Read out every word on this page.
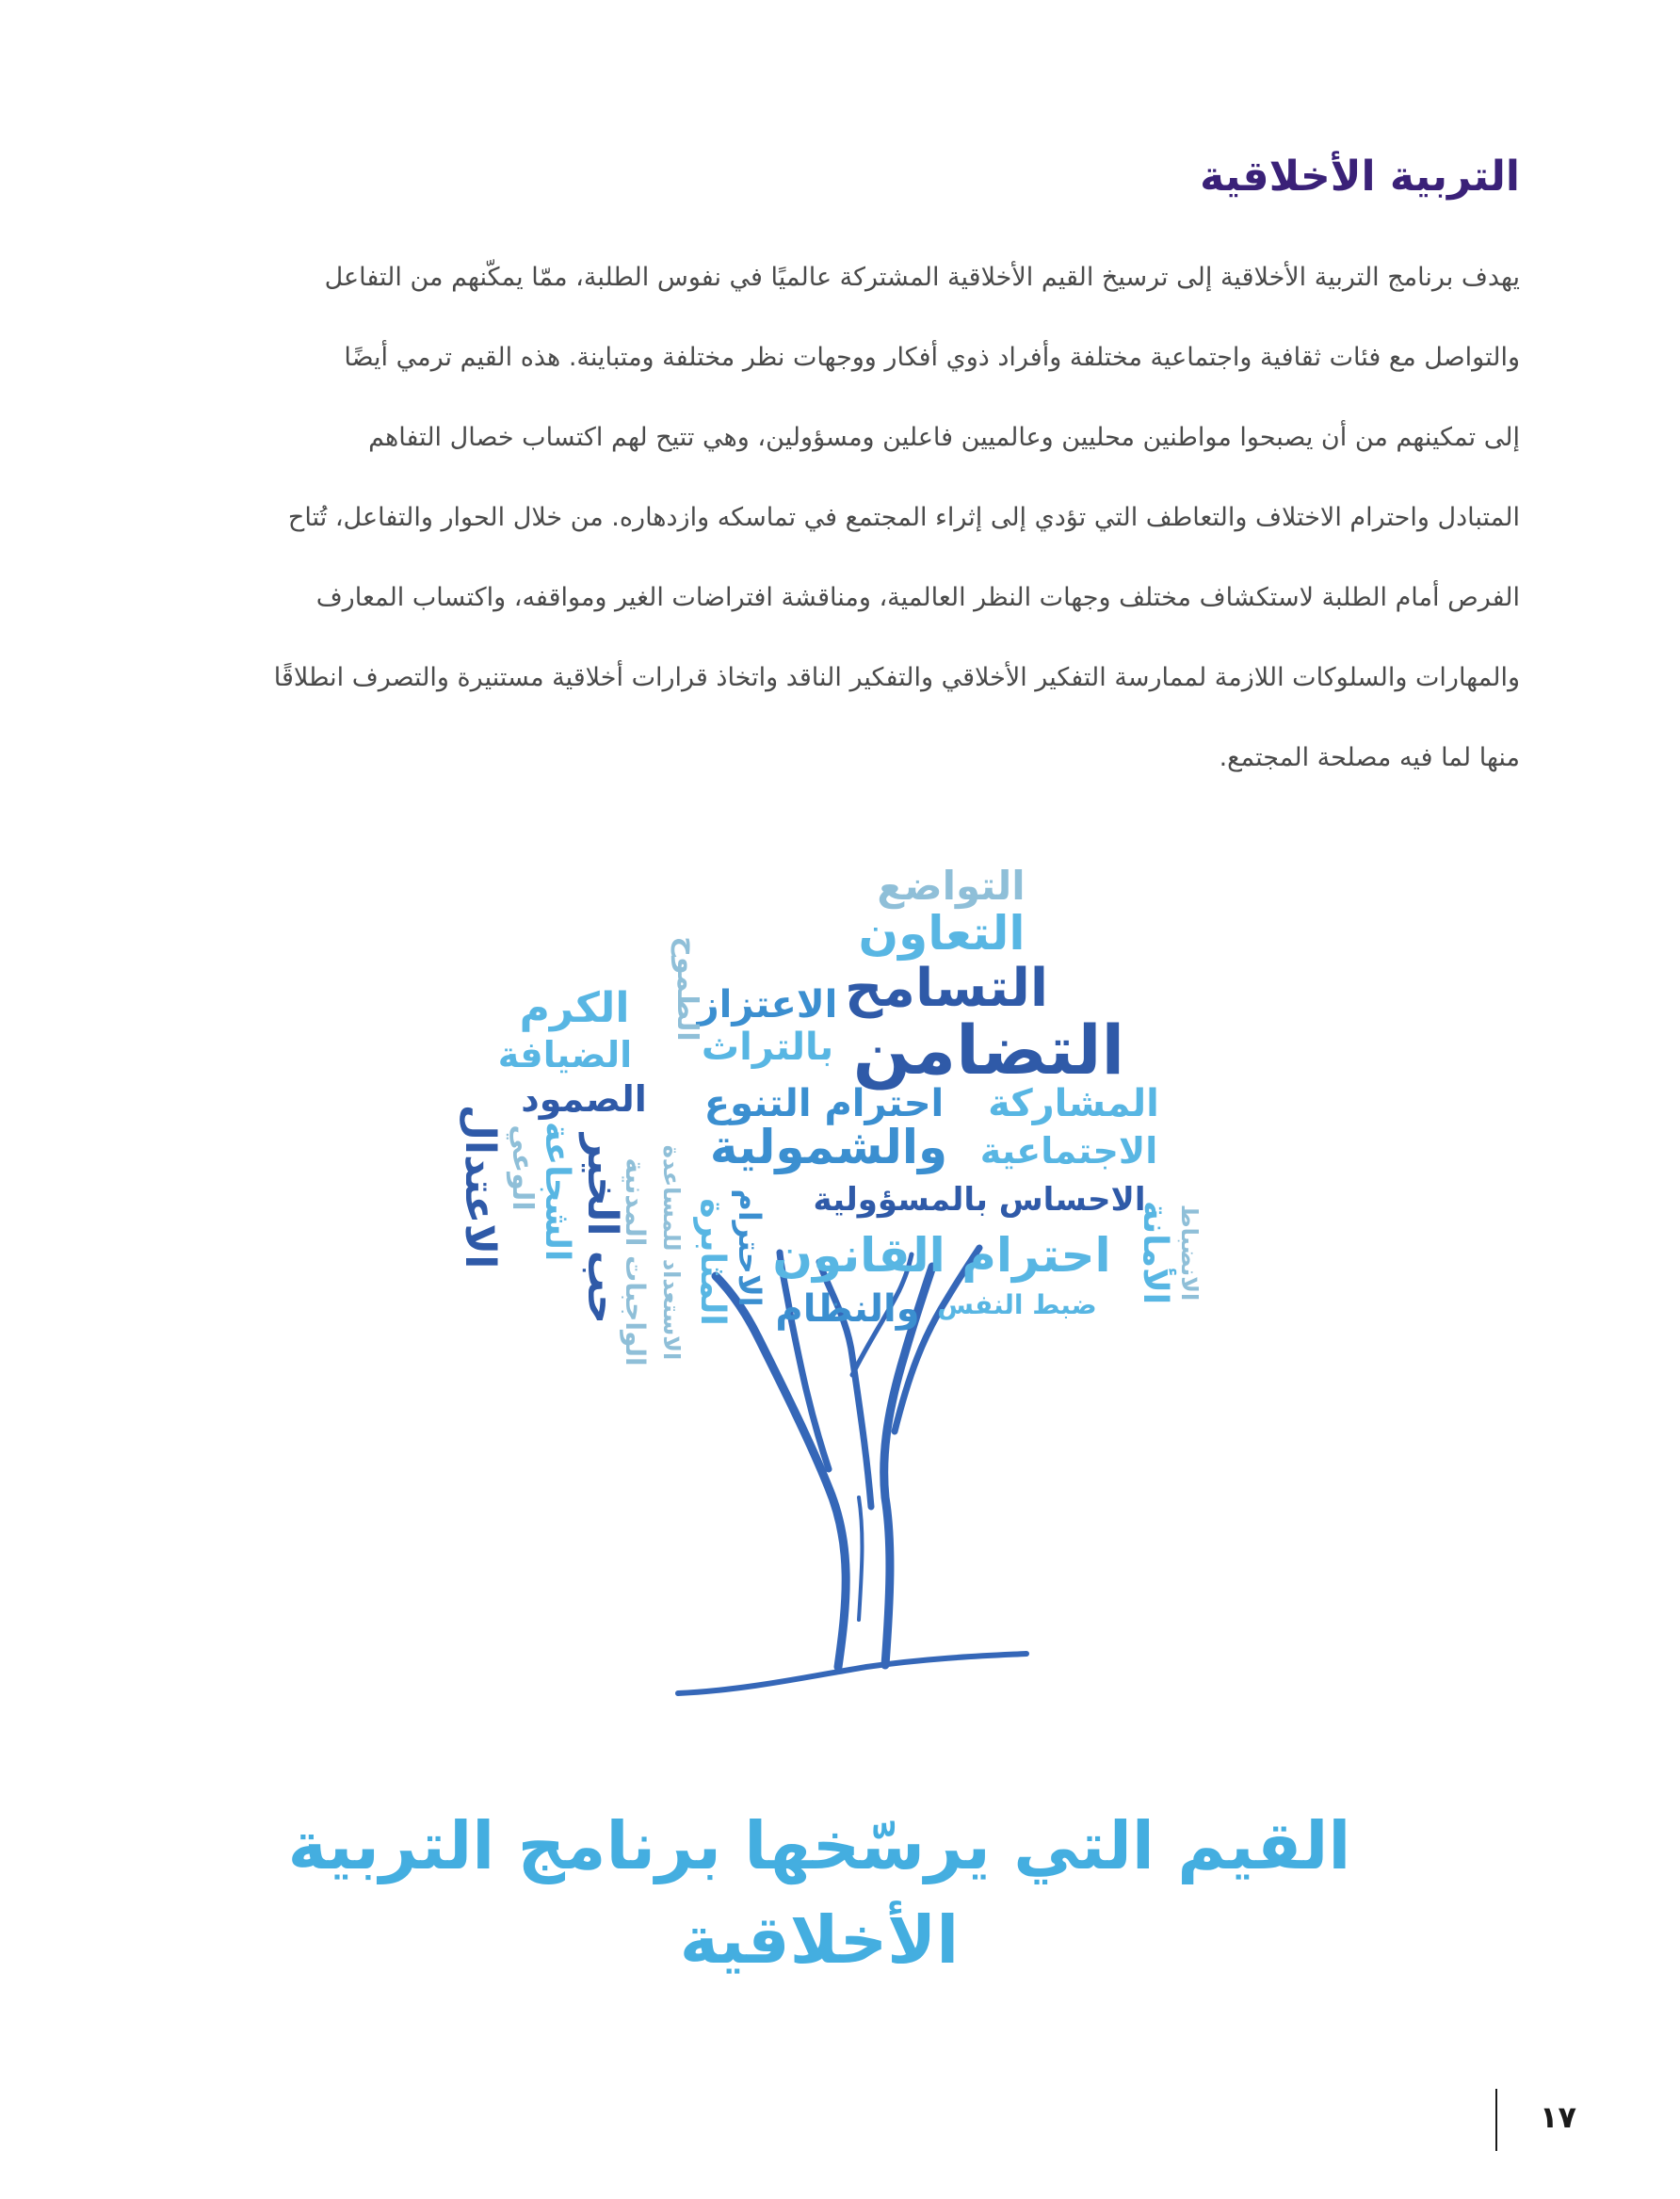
التربية الأخلاقية
يهدف برنامج التربية الأخلاقية إلى ترسيخ القيم الأخلاقية المشتركة عالميًا في نفوس الطلبة، ممّا يمكّنهم من التفاعل
والتواصل مع فئات ثقافية واجتماعية مختلفة وأفراد ذوي أفكار ووجهات نظر مختلفة ومتباينة. هذه القيم ترمي أيضًا
إلى تمكينهم من أن يصبحوا مواطنين محليين وعالميين فاعلين ومسؤولين، وهي تتيح لهم اكتساب خصال التفاهم
المتبادل واحترام الاختلاف والتعاطف التي تؤدي إلى إثراء المجتمع في تماسكه وازدهاره. من خلال الحوار والتفاعل، تُتاح
الفرص أمام الطلبة لاستكشاف مختلف وجهات النظر العالمية، ومناقشة افتراضات الغير ومواقفه، واكتساب المعارف
والمهارات والسلوكات اللازمة لممارسة التفكير الأخلاقي والتفكير الناقد واتخاذ قرارات أخلاقية مستنيرة والتصرف انطلاقًا
منها لما فيه مصلحة المجتمع.
التواضع
التعاون
التسامح
التضامن
الاعتزاز
بالتراث
الكرم
الضيافة
المشاركة
احترام التنوع
الاجتماعية
والشمولية
الاحساس بالمسؤولية
احترام القانون
ضبط النفس
والنظام
الصمود
الطموح
الأمانة الانضباط
الاعتدال الوعي الشجاعة حب الخير
الواجبات المدنية الاستعداد للمساعدة المثابرة الاحترام
القيم التي يرسّخها برنامج التربية الأخلاقية
١٧
